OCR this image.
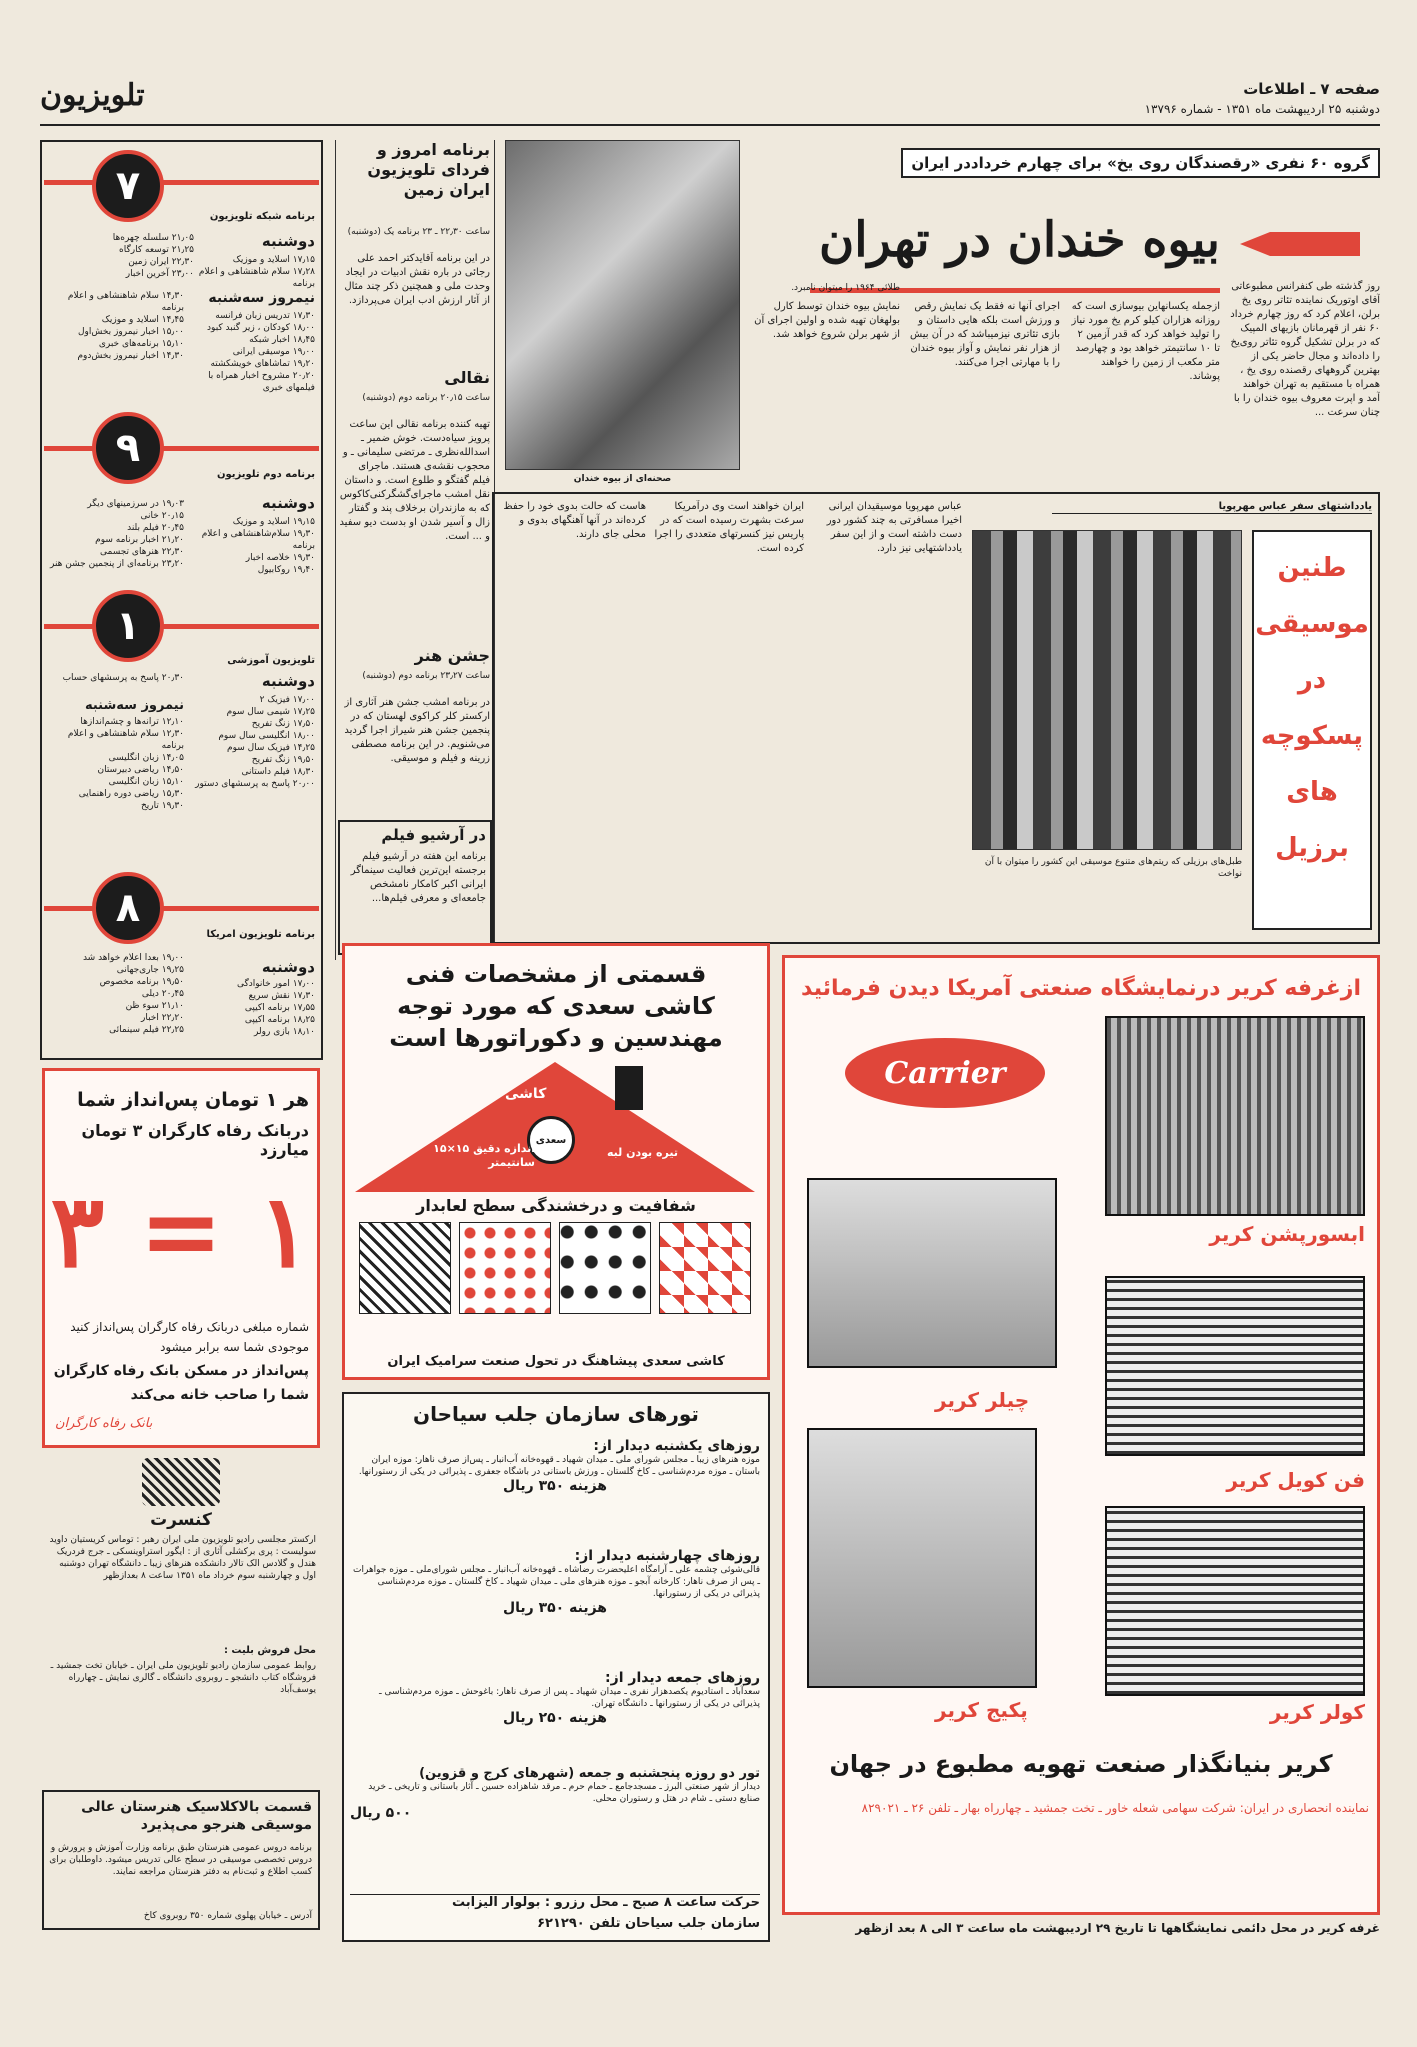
تلویزیون	صفحه ۷ ـ اطلاعات
دوشنبه ۲۵ اردیبهشت ماه ۱۳۵۱ - شماره ۱۳۷۹۶
۷
برنامه شبکه تلویزیون
دوشنبه
۲۱٫۰۵ سلسله چهره‌ها
۲۱٫۲۵ توسعه کارگاه
۲۲٫۳۰ ایران زمین
۲۳٫۰۰ آخرین اخبار
۱۷٫۱۵ اسلاید و موزیک
۱۷٫۲۸ سلام شاهنشاهی و اعلام برنامه
نیمروز سه‌شنبه
۱۷٫۳۰ تدریس زبان فرانسه
۱۸٫۰۰ کودکان ، زیر گنبد کبود
۱۸٫۴۵ اخبار شبکه
۱۹٫۰۰ موسیقی ایرانی
۱۹٫۲۰ تماشاهای خویشکشته
۲۰٫۲۰ مشروح اخبار همراه با فیلمهای خبری
۱۴٫۳۰ سلام شاهنشاهی و اعلام برنامه
۱۴٫۴۵ اسلاید و موزیک
۱۵٫۰۰ اخبار نیمروز بخش‌اول
۱۵٫۱۰ برنامه‌های خبری
۱۴٫۳۰ اخبار نیمروز بخش‌دوم
۹
برنامه دوم تلویزیون
دوشنبه
۱۹٫۱۵ اسلاید و موزیک
۱۹٫۳۰ سلام‌شاهنشاهی و اعلام برنامه
۱۹٫۳۰ خلاصه اخبار
۱۹٫۴۰ روکابیول
۱۹٫۰۳ در سرزمینهای دیگر
۲۰٫۱۵ خانی
۲۰٫۴۵ فیلم بلند
۲۱٫۲۰ اخبار برنامه سوم
۲۲٫۳۰ هنرهای تجسمی
۲۳٫۲۰ برنامه‌ای از پنجمین جشن هنر
۱
تلویزیون آموزشی
دوشنبه
۱۷٫۰۰ فیزیک ۲
۱۷٫۲۵ شیمی سال سوم
۱۷٫۵۰ زنگ تفریح
۱۸٫۰۰ انگلیسی سال سوم
۱۴٫۲۵ فیزیک سال سوم
۱۹٫۵۰ زنگ تفریح
۱۸٫۳۰ فیلم داستانی
۲۰٫۰۰ پاسخ به پرسشهای دستور
۲۰٫۳۰ پاسخ به پرسشهای حساب
نیمروز سه‌شنبه
۱۲٫۱۰ ترانه‌ها و چشم‌اندازها
۱۲٫۳۰ سلام شاهنشاهی و اعلام برنامه
۱۴٫۰۵ زبان انگلیسی
۱۴٫۵۰ ریاضی دبیرستان
۱۵٫۱۰ زبان انگلیسی
۱۵٫۳۰ ریاضی دوره راهنمایی
۱۹٫۳۰ تاریخ
۸
برنامه تلویزیون امریکا
دوشنبه
۱۹٫۰۰ بعدا اعلام خواهد شد
۱۹٫۲۵ جاری‌جهانی
۱۹٫۵۰ برنامه مخصوص
۲۰٫۴۵ دیلی
۲۱٫۱۰ سوء ظن
۲۲٫۲۰ اخبار
۲۲٫۲۵ فیلم سینمائی
۱۷٫۰۰ امور خانوادگی
۱۷٫۳۰ نقش سریع
۱۷٫۵۵ برنامه اکیپی
۱۸٫۲۵ برنامه اکیپی
۱۸٫۱۰ بازی رولر
هر ۱ تومان پس‌انداز شما
دربانک رفاه کارگران ۳ تومان میارزد
۳ = ۱
شماره مبلغی دربانک رفاه کارگران پس‌انداز کنید
موجودی شما سه برابر میشود
پس‌انداز در مسکن بانک رفاه کارگران
شما را صاحب خانه می‌کند
بانک رفاه کارگران
کنسرت
ارکستر مجلسی رادیو تلویزیون ملی ایران رهبر : توماس کریستیان داوید سولیست : پری برکشلی آثاری از : ایگور استراوینسکی ـ جرج فردریک هندل و گلادس الک تالار دانشکده هنرهای زیبا ـ دانشگاه تهران دوشنبه اول و چهارشنبه سوم خرداد ماه ۱۳۵۱ ساعت ۸ بعدازظهر
محل فروش بلیت :
روابط عمومی سازمان رادیو تلویزیون ملی ایران ـ خیابان تخت جمشید ـ فروشگاه کتاب دانشجو ـ روبروی دانشگاه ـ گالری نمایش ـ چهارراه یوسف‌آباد
قسمت بالاکلاسیک هنرستان عالی موسیقی هنرجو می‌پذیرد
برنامه دروس عمومی هنرستان طبق برنامه وزارت آموزش و پرورش و دروس تخصصی موسیقی در سطح عالی تدریس میشود. داوطلبان برای کسب اطلاع و ثبت‌نام به دفتر هنرستان مراجعه نمایند.
آدرس ـ خیابان پهلوی شماره ۳۵۰ روبروی کاخ
برنامه امروز و فردای تلویزیون ایران زمین
ساعت ۲۲٫۳۰ ـ ۲۳ برنامه‌ یک (دوشنبه)
در این برنامه آقایدکتر احمد علی رجائی در باره نقش ادبیات در ایجاد وحدت ملی و همچنین ذکر چند مثال از آثار ارزش ادب ایران می‌پردازد.
نقالی
ساعت ۲۰٫۱۵ برنامه دوم (دوشنبه)
تهیه کننده برنامه نقالی این ساعت پرویز سیاه‌دست. خوش ضمیر ـ اسدالله‌نظری ـ مرتضی سلیمانی ـ و محجوب نقشه‌ی هستند. ماجرای فیلم گفتگو و طلوع است. و داستان نقل امشب ماجرای‌گشگرکنی‌کاکوس که به مازندران برخلاف پند و گفتار زال و آسیر شدن او بدست دیو سفید و ... است.
جشن هنر
ساعت ۲۳٫۲۷ برنامه دوم (دوشنبه)
در برنامه امشب جشن هنر آثاری از ارکستر کلر کراکوی لهستان که در پنجمین جشن هنر شیراز اجرا گردید می‌شنویم. در این برنامه مصطفی زرینه و فیلم و موسیقی.
در آرشیو فیلم
برنامه این هفته در آرشیو فیلم برجسته این‌ترین فعالیت سینماگر ایرانی اکبر کامکار نامشخص جامعه‌ای و معرفی فیلم‌ها...
صحنه‌ای از بیوه خندان
گروه ۶۰ نفری «رقصندگان روی یخ» برای چهارم خرداددر ایران
بیوه خندان در تهران
روز گذشته طی کنفرانس مطبوعاتی آقای اوتوریک نماینده تئاتر روی یخ برلن، اعلام کرد که روز چهارم خرداد ۶۰ نفر از قهرمانان بازیهای المپیک که در برلن تشکیل گروه تئاتر روی‌یخ را داده‌اند و مجال حاضر یکی از بهترین گروههای رقصنده روی یخ ، همراه با مستقیم به تهران خواهند آمد و اپرت معروف بیوه خندان را با چنان سرعت ...
ازجمله یکسانهاین بیوسازی است که روزانه هزاران کیلو کرم یخ مورد نیاز را تولید خواهد کرد که قدر آزمین ۲ تا ۱۰ سانتیمتر خواهد بود و چهارصد متر مکعب از زمین را خواهند پوشاند.
اجرای آنها نه فقط یک نمایش رقص و ورزش است بلکه هایی داستان و بازی تئاتری نیزمیباشد که در آن بیش از هزار نفر نمایش و آواز بیوه خندان را با مهارتی اجرا می‌کنند.
نمایش بیوه خندان توسط کارل بولهغان تهیه شده و اولین اجرای آن از شهر برلن شروع خواهد شد.
طلائی ۱۹۶۴ را میتوان نامبرد.
طنین موسیقی در پسکوچه های برزیل
یادداشتهای سفر عباس مهرپویا
طبل‌های برزیلی که ریتم‌های متنوع موسیقی این کشور را میتوان با آن نواخت
عباس مهرپویا موسیقیدان ایرانی اخیرا مسافرتی به چند کشور دور دست داشته است و از این سفر یادداشتهایی نیز دارد.
ایران خواهند است وی درآمریکا سرعت بشهرت رسیده است که در پاریس نیز کنسرتهای متعددی را اجرا کرده است.
هاست که حالت بدوی خود را حفظ کرده‌اند در آنها آهنگهای بدوی و محلی جای دارند.
قسمتی از مشخصات فنی
کاشی سعدی که مورد توجه
مهندسین و دکوراتورها است
سعدی
کاشی
اندازه دقیق ۱۵×۱۵ سانتیمتر
تیره بودن لبه
شفافیت و درخشندگی سطح لعابدار
کاشی سعدی پیشاهنگ در تحول صنعت سرامیک ایران
تورهای سازمان جلب سیاحان
روزهای یکشنبه دیدار از:
موزه هنرهای زیبا ـ مجلس شورای ملی ـ میدان شهیاد ـ قهوه‌خانه آب‌انبار ـ پس‌از صرف ناهار: موزه ایران باستان ـ موزه مردم‌شناسی ـ کاخ گلستان ـ ورزش باستانی در باشگاه جعفری ـ پذیرائی در یکی از رستورانها.
هزینه ۳۵۰ ریال
روزهای چهارشنبه دیدار از:
قالی‌شوئی چشمه علی ـ آرامگاه اعلیحضرت رضاشاه ـ قهوه‌خانه آب‌انبار ـ مجلس شورای‌ملی ـ موزه جواهرات ـ پس از صرف ناهار: کارخانه آبجو ـ موزه هنرهای ملی ـ میدان شهیاد ـ کاخ گلستان ـ موزه مردم‌شناسی پذیرائی در یکی از رستورانها.
هزینه ۳۵۰ ریال
روزهای جمعه دیدار از:
سعدآباد ـ استادیوم یکصدهزار نفری ـ میدان شهیاد ـ پس از صرف ناهار: باغوحش ـ موزه مردم‌شناسی ـ پذیرائی در یکی از رستورانها ـ دانشگاه تهران.
هزینه ۲۵۰ ریال
تور دو روزه پنجشنبه و جمعه (شهرهای کرج و قزوین)
دیدار از شهر صنعتی البرز ـ مسجدجامع ـ حمام حرم ـ مرقد شاهزاده حسین ـ آثار باستانی و تاریخی ـ خرید صنایع دستی ـ شام در هتل و رستوران محلی.
۵۰۰ ریال
حرکت ساعت ۸ صبح ـ محل رزرو : بولوار الیزابت
سازمان جلب سیاحان تلفن ۶۲۱۲۹۰
ازغرفه کریر درنمایشگاه صنعتی آمریکا دیدن فرمائید
Carrier
ابسورپشن کریر
چیلر کریر
فن کویل کریر
پکیج کریر	کولر کریر
کریر بنیانگذار صنعت تهویه مطبوع در جهان
نماینده انحصاری در ایران: شرکت سهامی شعله خاور ـ تخت جمشید ـ چهارراه بهار ـ تلفن ۲۶ ـ ۸۲۹۰۲۱
غرفه کریر در محل دائمی نمایشگاهها تا تاریخ ۲۹ اردیبهشت ماه ساعت ۳ الی ۸ بعد ازظهر
